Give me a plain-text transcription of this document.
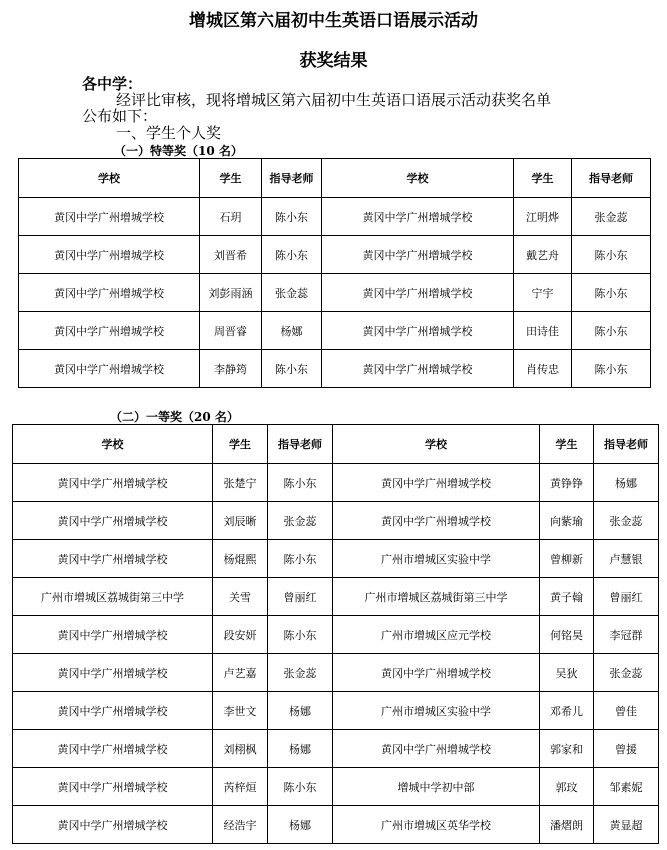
增城区第六届初中生英语口语展示活动
获奖结果
各中学：
经评比审核，现将增城区第六届初中生英语口语展示活动获奖名单
公布如下：
一、学生个人奖
（一）特等奖（10 名）
学校	学生	指导老师	学校	学生	指导老师
黄冈中学广州增城学校	石玥	陈小东	黄冈中学广州增城学校	江明烨	张金蕊
黄冈中学广州增城学校	刘晋希	陈小东	黄冈中学广州增城学校	戴艺舟	陈小东
黄冈中学广州增城学校	刘彭雨涵	张金蕊	黄冈中学广州增城学校	宁宇	陈小东
黄冈中学广州增城学校	周晋睿	杨娜	黄冈中学广州增城学校	田诗佳	陈小东
黄冈中学广州增城学校	李静筠	陈小东	黄冈中学广州增城学校	肖传忠	陈小东
（二）一等奖（20 名）
学校	学生	指导老师	学校	学生	指导老师
黄冈中学广州增城学校	张楚宁	陈小东	黄冈中学广州增城学校	黄铮铮	杨娜
黄冈中学广州增城学校	刘辰晰	张金蕊	黄冈中学广州增城学校	向紫瑜	张金蕊
黄冈中学广州增城学校	杨焜熙	陈小东	广州市增城区实验中学	曾柳新	卢慧银
广州市增城区荔城街第三中学	关雪	曾丽红	广州市增城区荔城街第三中学	黄子翰	曾丽红
黄冈中学广州增城学校	段安妍	陈小东	广州市增城区应元学校	何铭昊	李冠群
黄冈中学广州增城学校	卢艺嘉	张金蕊	黄冈中学广州增城学校	吴狄	张金蕊
黄冈中学广州增城学校	李世文	杨娜	广州市增城区实验中学	邓希儿	曾佳
黄冈中学广州增城学校	刘栩枫	杨娜	黄冈中学广州增城学校	郭家和	曾援
黄冈中学广州增城学校	芮梓烜	陈小东	增城中学初中部	郭玟	邹素妮
黄冈中学广州增城学校	经浩宇	杨娜	广州市增城区英华学校	潘熠朗	黄显超
